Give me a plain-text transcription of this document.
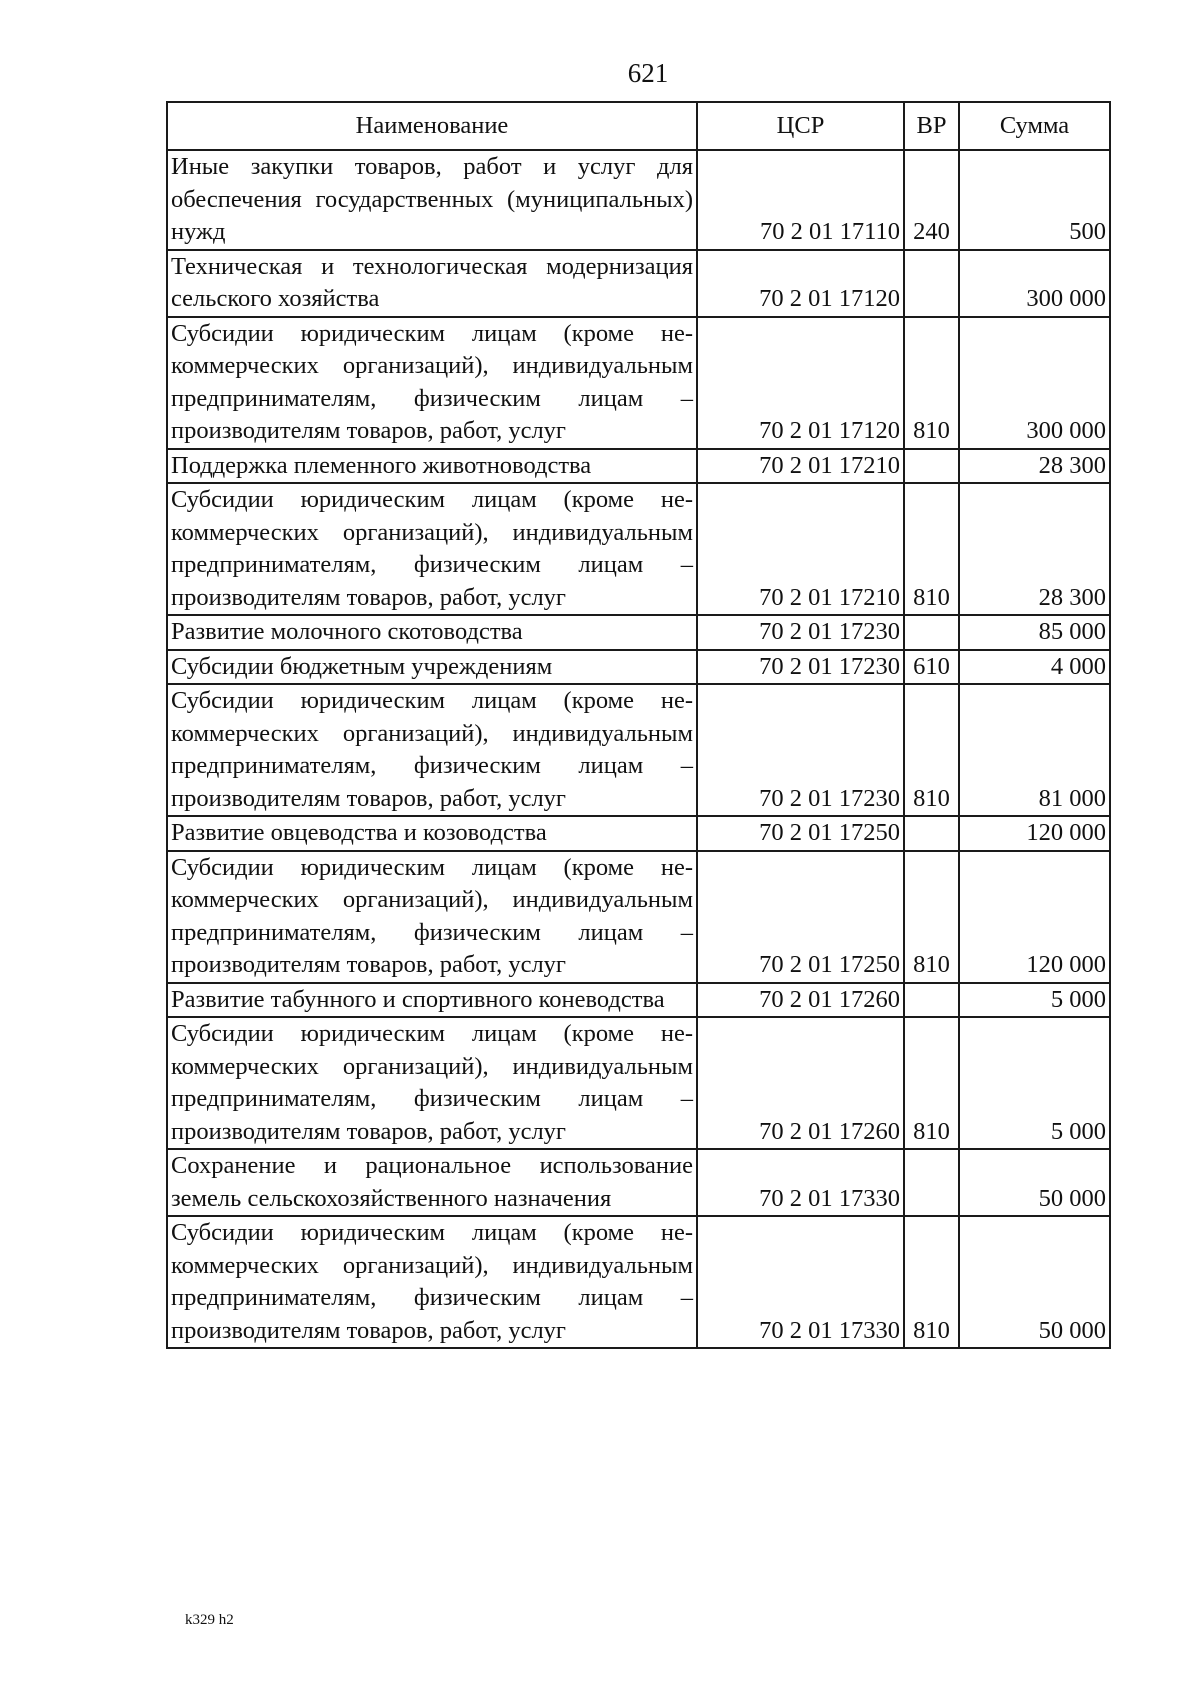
621
Наименование	ЦСР	ВР	Сумма
Иные закупки товаров, работ и услуг для обеспечения государственных (муниципальных) нужд	70 2 01 17110	240	500
Техническая и технологическая модернизация сельского хозяйства	70 2 01 17120		300 000
Субсидии юридическим лицам (кроме некоммерческих организаций), индивидуальным предпринимателям, физическим лицам – производителям товаров, работ, услуг	70 2 01 17120	810	300 000
Поддержка племенного животноводства	70 2 01 17210		28 300
Субсидии юридическим лицам (кроме некоммерческих организаций), индивидуальным предпринимателям, физическим лицам – производителям товаров, работ, услуг	70 2 01 17210	810	28 300
Развитие молочного скотоводства	70 2 01 17230		85 000
Субсидии бюджетным учреждениям	70 2 01 17230	610	4 000
Субсидии юридическим лицам (кроме некоммерческих организаций), индивидуальным предпринимателям, физическим лицам – производителям товаров, работ, услуг	70 2 01 17230	810	81 000
Развитие овцеводства и козоводства	70 2 01 17250		120 000
Субсидии юридическим лицам (кроме некоммерческих организаций), индивидуальным предпринимателям, физическим лицам – производителям товаров, работ, услуг	70 2 01 17250	810	120 000
Развитие табунного и спортивного коневодства	70 2 01 17260		5 000
Субсидии юридическим лицам (кроме некоммерческих организаций), индивидуальным предпринимателям, физическим лицам – производителям товаров, работ, услуг	70 2 01 17260	810	5 000
Сохранение и рациональное использование земель сельскохозяйственного назначения	70 2 01 17330		50 000
Субсидии юридическим лицам (кроме некоммерческих организаций), индивидуальным предпринимателям, физическим лицам – производителям товаров, работ, услуг	70 2 01 17330	810	50 000
k329 h2
